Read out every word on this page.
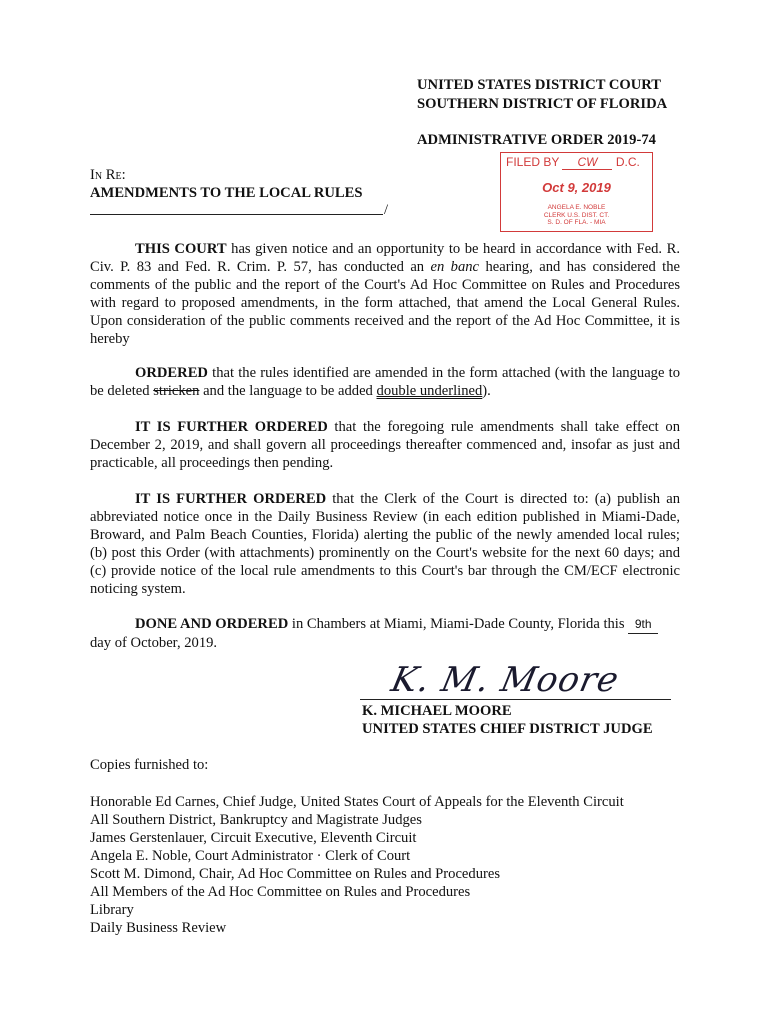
UNITED STATES DISTRICT COURT
SOUTHERN DISTRICT OF FLORIDA
ADMINISTRATIVE ORDER 2019-74
FILED BY CW D.C.
Oct 9, 2019
ANGELA E. NOBLE
CLERK U.S. DIST. CT.
S. D. OF FLA. - MIA
In Re:
AMENDMENTS TO THE LOCAL RULES
/
THIS COURT has given notice and an opportunity to be heard in accordance with Fed. R. Civ. P. 83 and Fed. R. Crim. P. 57, has conducted an en banc hearing, and has considered the comments of the public and the report of the Court's Ad Hoc Committee on Rules and Procedures with regard to proposed amendments, in the form attached, that amend the Local General Rules. Upon consideration of the public comments received and the report of the Ad Hoc Committee, it is hereby
ORDERED that the rules identified are amended in the form attached (with the language to be deleted stricken and the language to be added double underlined).
IT IS FURTHER ORDERED that the foregoing rule amendments shall take effect on December 2, 2019, and shall govern all proceedings thereafter commenced and, insofar as just and practicable, all proceedings then pending.
IT IS FURTHER ORDERED that the Clerk of the Court is directed to: (a) publish an abbreviated notice once in the Daily Business Review (in each edition published in Miami-Dade, Broward, and Palm Beach Counties, Florida) alerting the public of the newly amended local rules; (b) post this Order (with attachments) prominently on the Court's website for the next 60 days; and (c) provide notice of the local rule amendments to this Court's bar through the CM/ECF electronic noticing system.
DONE AND ORDERED in Chambers at Miami, Miami-Dade County, Florida this 9th
day of October, 2019.
K. M. Moore
K. MICHAEL MOORE
UNITED STATES CHIEF DISTRICT JUDGE
Copies furnished to:
Honorable Ed Carnes, Chief Judge, United States Court of Appeals for the Eleventh Circuit
All Southern District, Bankruptcy and Magistrate Judges
James Gerstenlauer, Circuit Executive, Eleventh Circuit
Angela E. Noble, Court Administrator · Clerk of Court
Scott M. Dimond, Chair, Ad Hoc Committee on Rules and Procedures
All Members of the Ad Hoc Committee on Rules and Procedures
Library
Daily Business Review
